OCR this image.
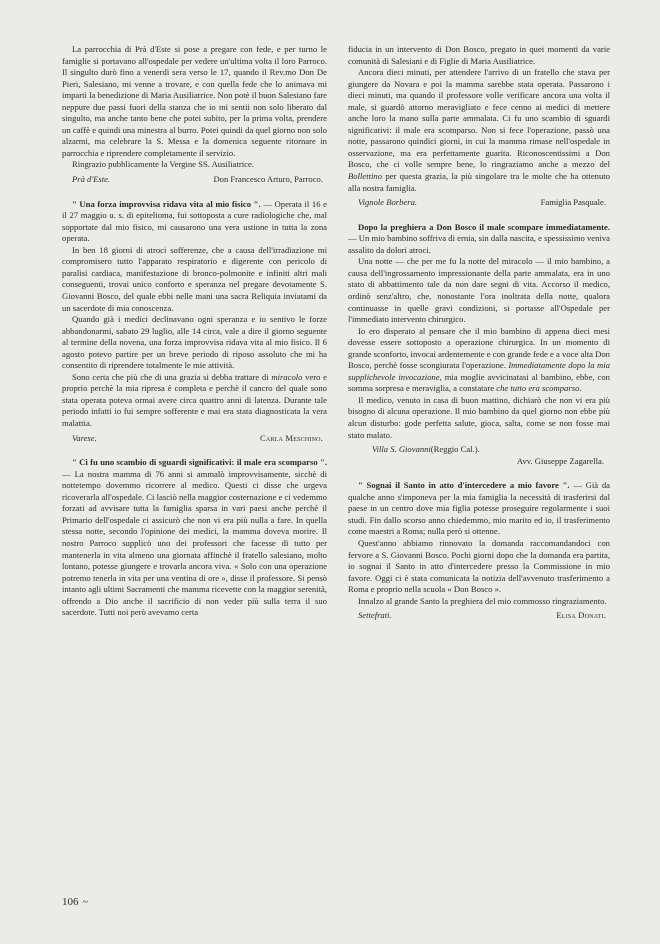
La parrocchia di Prà d'Este si pose a pregare con fede, e per turno le famiglie si portavano all'ospedale per vedere un'ultima volta il loro Parroco. Il singulto durò fino a venerdì sera verso le 17, quando il Rev.mo Don De Pieri, Salesiano, mi venne a trovare, e con quella fede che lo animava mi impartì la benedizione di Maria Ausiliatrice. Non potè il buon Salesiano fare neppure due passi fuori della stanza che io mi sentii non solo liberato dal singulto, ma anche tanto bene che potei subito, per la prima volta, prendere un caffè e quindi una minestra al burro. Potei quindi da quel giorno non solo alzarmi, ma celebrare la S. Messa e la domenica seguente ritornare in parrocchia e riprendere completamente il servizio.

Ringrazio pubblicamente la Vergine SS. Ausiliatrice.

Prà d'Este.	Don Francesco Arturo, Parroco.

" Una forza improvvisa ridava vita al mio fisico ". — Operata il 16 e il 27 maggio u. s. di epitelioma, fui sottoposta a cure radiologiche che, mal sopportate dal mio fisico, mi causarono una vera ustione in tutta la zona operata.

In ben 18 giorni di atroci sofferenze, che a causa dell'irradiazione mi compromisero tutto l'apparato respiratorio e digerente con pericolo di paralisi cardiaca, manifestazione di bronco-polmonite e infiniti altri mali conseguenti, trovai unico conforto e speranza nel pregare devotamente S. Giovanni Bosco, del quale ebbi nelle mani una sacra Reliquia inviatami da un sacerdote di mia conoscenza.

Quando già i medici declinavano ogni speranza e io sentivo le forze abbandonarmi, sabato 29 luglio, alle 14 circa, vale a dire il giorno seguente al termine della novena, una forza improvvisa ridava vita al mio fisico. Il 6 agosto potevo partire per un breve periodo di riposo assoluto che mi ha consentito di riprendere totalmente le mie attività.

Sono certa che più che di una grazia si debba trattare di miracolo vero e proprio perchè la mia ripresa è completa e perchè il cancro del quale sono stata operata poteva ormai avere circa quattro anni di latenza. Durante tale periodo infatti io fui sempre sofferente e mai era stata diagnosticata la vera malattia.

Varese.	Carla Meschino.

" Ci fu uno scambio di sguardi significativi: il male era scomparso ". — La nostra mamma di 76 anni si ammalò improvvisamente, sicchè di nottetempo dovemmo ricorrere al medico. Questi ci disse che urgeva ricoverarla all'ospedale. Ci lasciò nella maggior costernazione e ci vedemmo forzati ad avvisare tutta la famiglia sparsa in vari paesi anche perchè il Primario dell'ospedale ci assicurò che non vi era più nulla a fare. In quella stessa notte, secondo l'opinione dei medici, la mamma doveva morire. Il nostro Parroco supplicò uno dei professori che facesse di tutto per mantenerla in vita almeno una giornata affinchè il fratello salesiano, molto lontano, potesse giungere e trovarla ancora viva. « Solo con una operazione potremo tenerla in vita per una ventina di ore », disse il professore. Si pensò intanto agli ultimi Sacramenti che mamma ricevette con la maggior serenità, offrendo a Dio anche il sacrificio di non veder più sulla terra il suo sacerdote. Tutti noi però avevamo certa

fiducia in un intervento di Don Bosco, pregato in quei momenti da varie comunità di Salesiani e di Figlie di Maria Ausiliatrice.

Ancora dieci minuti, per attendere l'arrivo di un fratello che stava per giungere da Novara e poi la mamma sarebbe stata operata. Passarono i dieci minuti, ma quando il professore volle verificare ancora una volta il male, si guardò attorno meravigliato e fece cenno ai medici di mettere anche loro la mano sulla parte ammalata. Ci fu uno scambio di sguardi significativi: il male era scomparso. Non si fece l'operazione, passò una notte, passarono quindici giorni, in cui la mamma rimase nell'ospedale in osservazione, ma era perfettamente guarita. Riconoscentissimi a Don Bosco, che ci volle sempre bene, lo ringraziamo anche a mezzo del Bollettino per questa grazia, la più singolare tra le molte che ha ottenuto alla nostra famiglia.

Vignole Borbera.	Famiglia Pasquale.

Dopo la preghiera a Don Bosco il male scompare immediatamente. — Un mio bambino soffriva di ernia, sin dalla nascita, e spessissimo veniva assalito da dolori atroci.

Una notte — che per me fu la notte del miracolo — il mio bambino, a causa dell'ingrossamento impressionante della parte ammalata, era in uno stato di abbattimento tale da non dare segni di vita. Accorso il medico, ordinò senz'altro, che, nonostante l'ora inoltrata della notte, qualora continuasse in quelle gravi condizioni, si portasse all'Ospedale per l'immediato intervento chirurgico.

Io ero disperato al pensare che il mio bambino di appena dieci mesi dovesse essere sottoposto a operazione chirurgica. In un momento di grande sconforto, invocai ardentemente e con grande fede e a voce alta Don Bosco, perchè fosse scongiurata l'operazione. Immediatamente dopo la mia supplichevole invocazione, mia moglie avvicinatasi al bambino, ebbe, con somma sorpresa e meraviglia, a constatare che tutto era scomparso.

Il medico, venuto in casa di buon mattino, dichiarò che non vi era più bisogno di alcuna operazione. Il mio bambino da quel giorno non ebbe più alcun disturbo: gode perfetta salute, gioca, salta, come se non fosse mai stato malato.

Villa S. Giovanni (Reggio Cal.).
Avv. Giuseppe Zagarella.

" Sognai il Santo in atto d'intercedere a mio favore ". — Già da qualche anno s'imponeva per la mia famiglia la necessità di trasferirsi dal paese in un centro dove mia figlia potesse proseguire regolarmente i suoi studi. Fin dallo scorso anno chiedemmo, mio marito ed io, il trasferimento come maestri a Roma; nulla però si ottenne.

Quest'anno abbiamo rinnovato la domanda raccomandandoci con fervore a S. Giovanni Bosco. Pochi giorni dopo che la domanda era partita, io sognai il Santo in atto d'intercedere presso la Commissione in mio favore. Oggi ci è stata comunicata la notizia dell'avvenuto trasferimento a Roma e proprio nella scuola « Don Bosco ».

Innalzo al grande Santo la preghiera del mio commosso ringraziamento.

Settefrati.	Elisa Donati.
106 ~
